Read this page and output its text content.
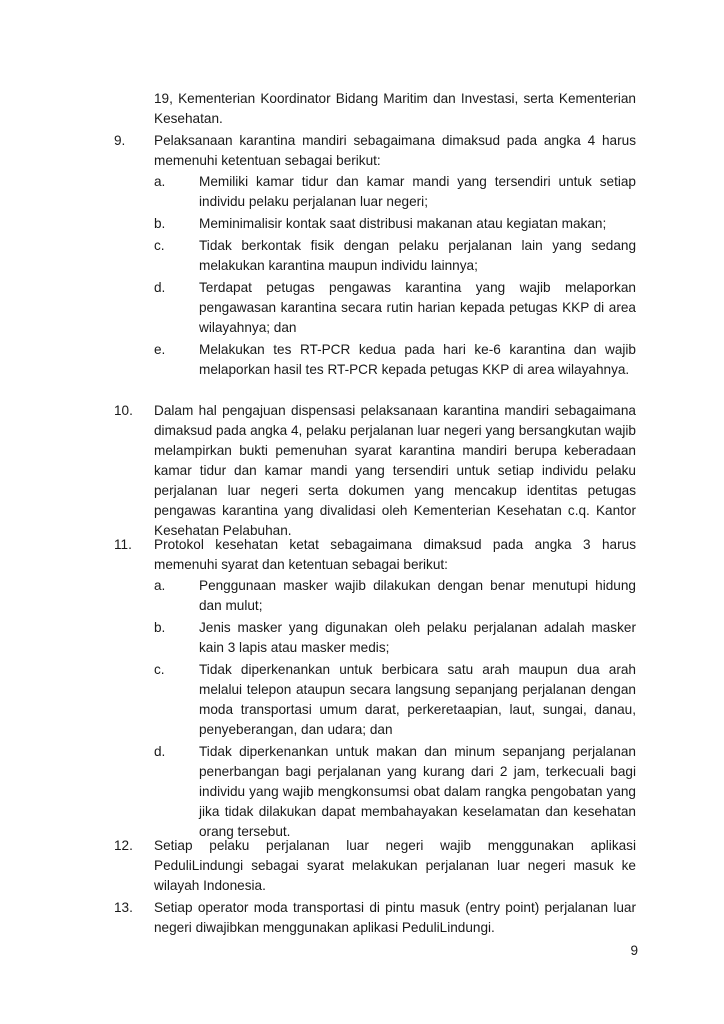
19, Kementerian Koordinator Bidang Maritim dan Investasi, serta Kementerian Kesehatan.
9.	Pelaksanaan karantina mandiri sebagaimana dimaksud pada angka 4 harus memenuhi ketentuan sebagai berikut:
a.	Memiliki kamar tidur dan kamar mandi yang tersendiri untuk setiap individu pelaku perjalanan luar negeri;
b.	Meminimalisir kontak saat distribusi makanan atau kegiatan makan;
c.	Tidak berkontak fisik dengan pelaku perjalanan lain yang sedang melakukan karantina maupun individu lainnya;
d.	Terdapat petugas pengawas karantina yang wajib melaporkan pengawasan karantina secara rutin harian kepada petugas KKP di area wilayahnya; dan
e.	Melakukan tes RT-PCR kedua pada hari ke-6 karantina dan wajib melaporkan hasil tes RT-PCR kepada petugas KKP di area wilayahnya.
10.	Dalam hal pengajuan dispensasi pelaksanaan karantina mandiri sebagaimana dimaksud pada angka 4, pelaku perjalanan luar negeri yang bersangkutan wajib melampirkan bukti pemenuhan syarat karantina mandiri berupa keberadaan kamar tidur dan kamar mandi yang tersendiri untuk setiap individu pelaku perjalanan luar negeri serta dokumen yang mencakup identitas petugas pengawas karantina yang divalidasi oleh Kementerian Kesehatan c.q. Kantor Kesehatan Pelabuhan.
11.	Protokol kesehatan ketat sebagaimana dimaksud pada angka 3 harus memenuhi syarat dan ketentuan sebagai berikut:
a.	Penggunaan masker wajib dilakukan dengan benar menutupi hidung dan mulut;
b.	Jenis masker yang digunakan oleh pelaku perjalanan adalah masker kain 3 lapis atau masker medis;
c.	Tidak diperkenankan untuk berbicara satu arah maupun dua arah melalui telepon ataupun secara langsung sepanjang perjalanan dengan moda transportasi umum darat, perkeretaapian, laut, sungai, danau, penyeberangan, dan udara; dan
d.	Tidak diperkenankan untuk makan dan minum sepanjang perjalanan penerbangan bagi perjalanan yang kurang dari 2 jam, terkecuali bagi individu yang wajib mengkonsumsi obat dalam rangka pengobatan yang jika tidak dilakukan dapat membahayakan keselamatan dan kesehatan orang tersebut.
12.	Setiap pelaku perjalanan luar negeri wajib menggunakan aplikasi PeduliLindungi sebagai syarat melakukan perjalanan luar negeri masuk ke wilayah Indonesia.
13.	Setiap operator moda transportasi di pintu masuk (entry point) perjalanan luar negeri diwajibkan menggunakan aplikasi PeduliLindungi.
9
